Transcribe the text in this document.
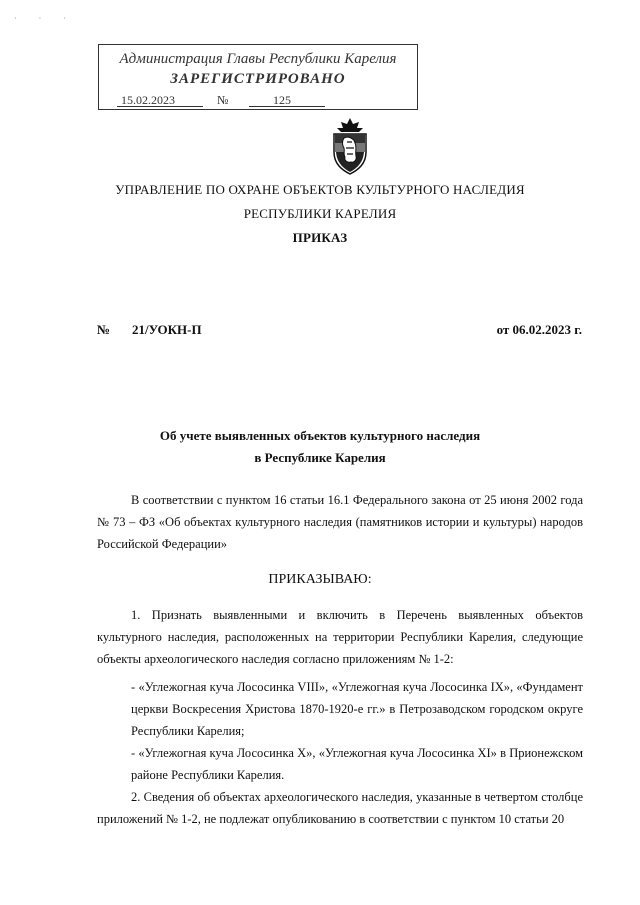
· · ·
Администрация Главы Республики Карелия
ЗАРЕГИСТРИРОВАНО
15.02.2023	№	125
УПРАВЛЕНИЕ ПО ОХРАНЕ ОБЪЕКТОВ КУЛЬТУРНОГО НАСЛЕДИЯ
РЕСПУБЛИКИ КАРЕЛИЯ
ПРИКАЗ
№ 21/УОКН-П	от 06.02.2023 г.
Об учете выявленных объектов культурного наследия
в Республике Карелия
В соответствии с пунктом 16 статьи 16.1 Федерального закона от 25 июня 2002 года № 73 – ФЗ «Об объектах культурного наследия (памятников истории и культуры) народов Российской Федерации»
ПРИКАЗЫВАЮ:
1. Признать выявленными и включить в Перечень выявленных объектов культурного наследия, расположенных на территории Республики Карелия, следующие объекты археологического наследия согласно приложениям № 1-2:
- «Углежогная куча Лососинка VIII», «Углежогная куча Лососинка IX», «Фундамент церкви Воскресения Христова 1870-1920-е гг.» в Петрозаводском городском округе Республики Карелия;
- «Углежогная куча Лососинка X», «Углежогная куча Лососинка XI» в Прионежском районе Республики Карелия.
2. Сведения об объектах археологического наследия, указанные в четвертом столбце приложений № 1-2, не подлежат опубликованию в соответствии с пунктом 10 статьи 20
